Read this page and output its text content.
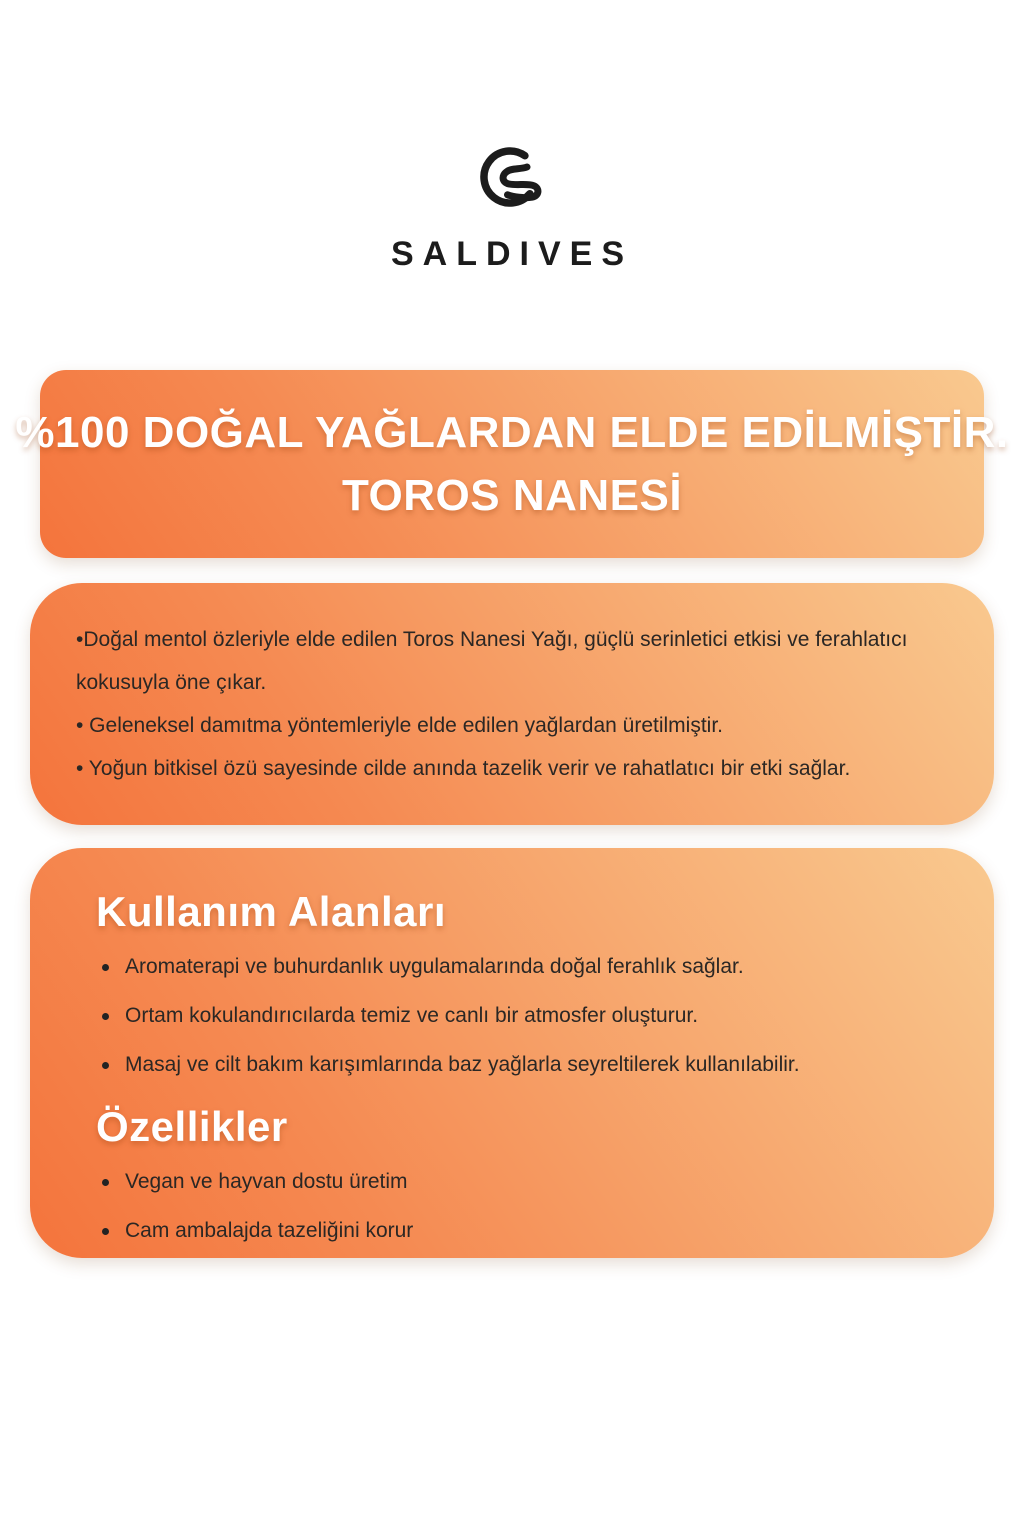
SALDIVES
%100 DOĞAL YAĞLARDAN ELDE EDİLMİŞTİR.
TOROS NANESİ

•Doğal mentol özleriyle elde edilen Toros Nanesi Yağı, güçlü serinletici etkisi ve ferahlatıcı kokusuyla öne çıkar.

• Geleneksel damıtma yöntemleriyle elde edilen yağlardan üretilmiştir.

• Yoğun bitkisel özü sayesinde cilde anında tazelik verir ve rahatlatıcı bir etki sağlar.

Kullanım Alanları
Aromaterapi ve buhurdanlık uygulamalarında doğal ferahlık sağlar.
Ortam kokulandırıcılarda temiz ve canlı bir atmosfer oluşturur.
Masaj ve cilt bakım karışımlarında baz yağlarla seyreltilerek kullanılabilir.
Özellikler
Vegan ve hayvan dostu üretim
Cam ambalajda tazeliğini korur
